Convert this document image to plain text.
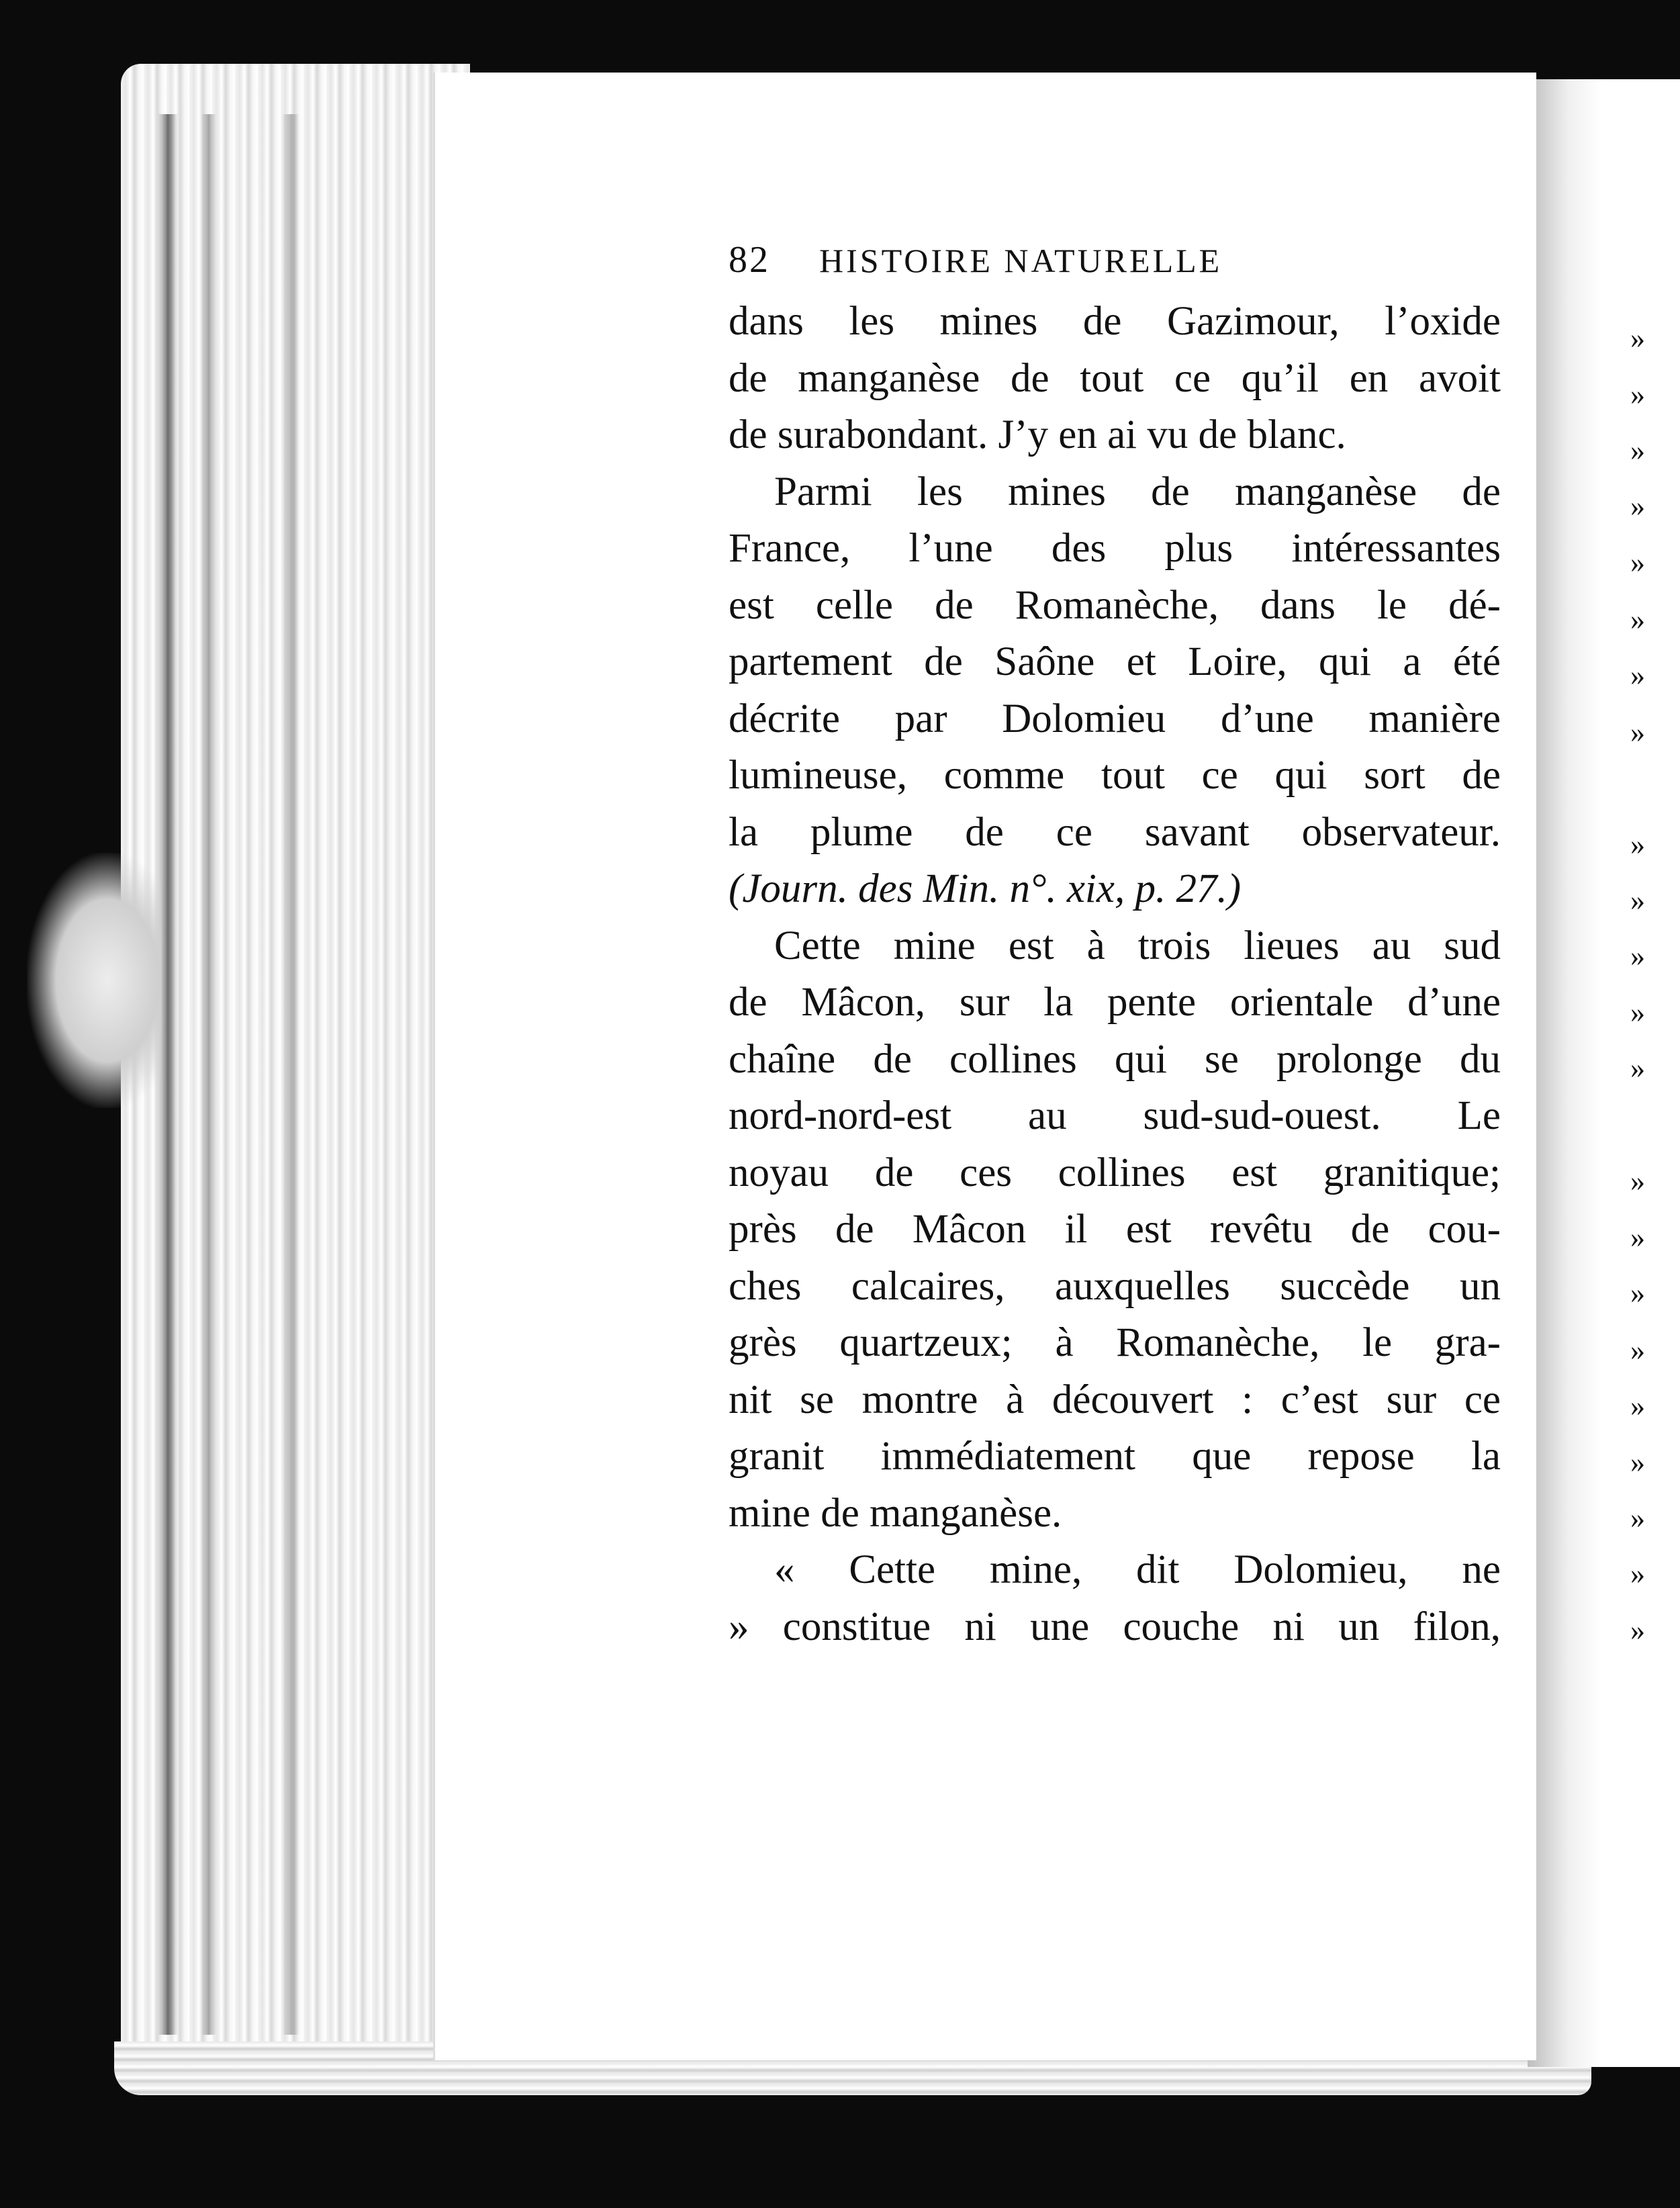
82	HISTOIRE NATURELLE
dans les mines de Gazimour, l’oxide
de manganèse de tout ce qu’il en avoit
de surabondant. J’y en ai vu de blanc.
Parmi les mines de manganèse de
France, l’une des plus intéressantes
est celle de Romanèche, dans le dé-
partement de Saône et Loire, qui a été
décrite par Dolomieu d’une manière
lumineuse, comme tout ce qui sort de
la plume de ce savant observateur.
(Journ. des Min. n°. xix, p. 27.)
Cette mine est à trois lieues au sud
de Mâcon, sur la pente orientale d’une
chaîne de collines qui se prolonge du
nord-nord-est au sud-sud-ouest. Le
noyau de ces collines est granitique;
près de Mâcon il est revêtu de cou-
ches calcaires, auxquelles succède un
grès quartzeux; à Romanèche, le gra-
nit se montre à découvert : c’est sur ce
granit immédiatement que repose la
mine de manganèse.
« Cette mine, dit Dolomieu, ne
» constitue ni une couche ni un filon,
»
»
»
»
»
»
»
»
»
»
»
»
»
»
»
»
»
»
»
»
»
»
